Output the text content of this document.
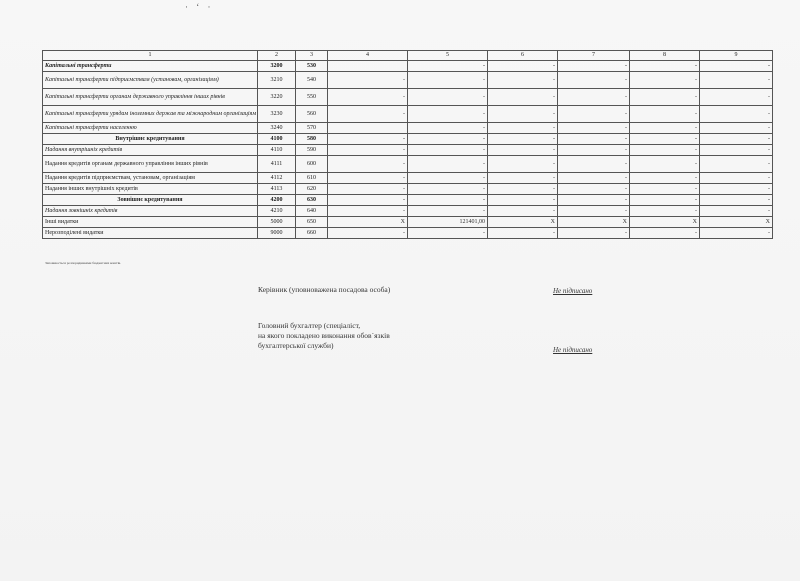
· ‘ ·
1	2	3	4	5	6	7	8	9
Капітальні трансферти	3200	530		-	-	-	-	-
Капітальні трансферти підприємствам (установам, організаціям)	3210	540	-	-	-	-	-	-
Капітальні трансферти органам державного управління інших рівнів	3220	550	-	-	-	-	-	-
Капітальні трансферти урядам іноземних держав та міжнародним організаціям	3230	560	-	-	-	-	-	-
Капітальні трансферти населенню	3240	570		-	-	-	-	-
Внутрішнє кредитування	4100	580	-	-	-	-	-	-
Надання внутрішніх кредитів	4110	590	-	-	-	-	-	-
Надання кредитів органам державного управління інших рівнів	4111	600	-	-	-	-	-	-
Надання кредитів підприємствам, установам, організаціям	4112	610	-	-	-	-	-	-
Надання інших внутрішніх кредитів	4113	620	-	-	-	-	-	-
Зовнішнє кредитування	4200	630	-	-	-	-	-	-
Надання зовнішніх кредитів	4210	640	-	-	-	-	-	-
Інші видатки	5000	650	X	121401,00	X	X	X	X
Нерозподілені видатки	9000	660	-	-	-	-	-	-
Заповнюється розпорядниками бюджетних коштів.
Керівник (уповноважена посадова особа)	Не підписано
Головний бухгалтер (спеціаліст,
на якого покладено виконання обов`язків
бухгалтерської служби)	Не підписано
